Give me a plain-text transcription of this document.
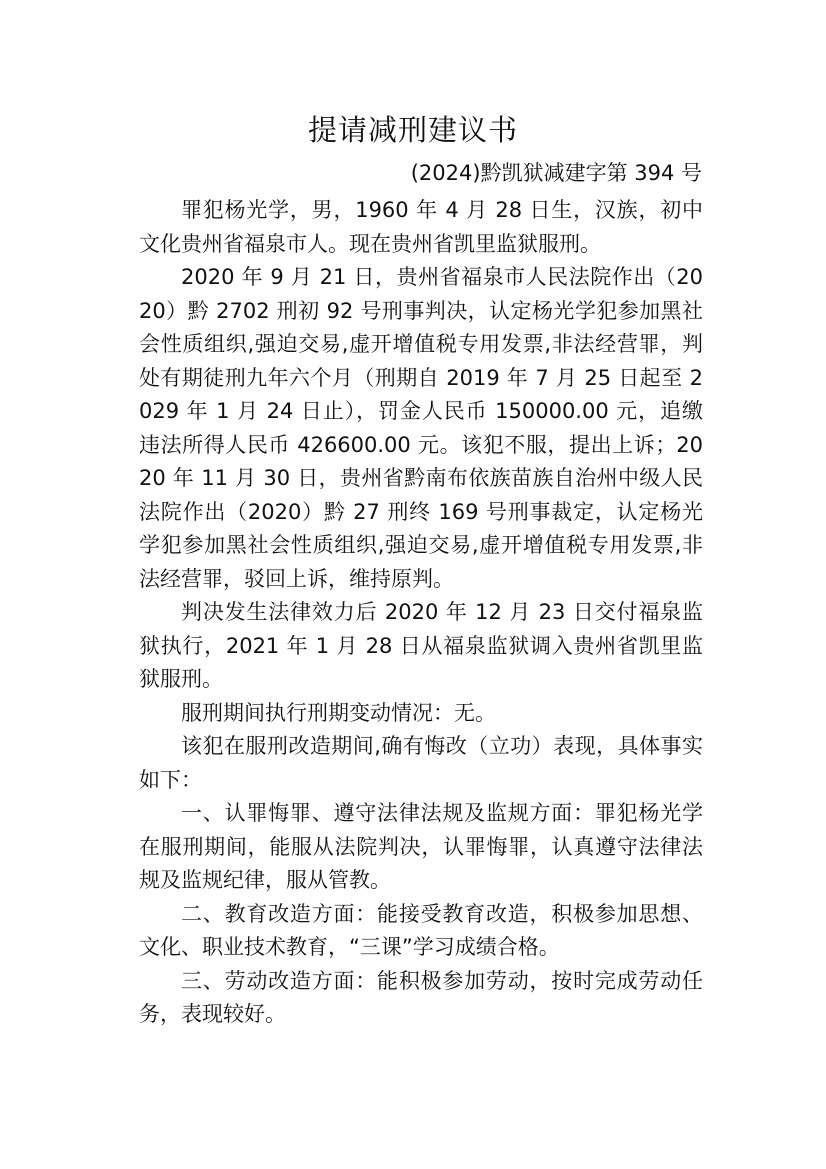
提请减刑建议书
(2024)黔凯狱减建字第 394 号

罪犯杨光学，男，1960 年 4 月 28 日生，汉族，初中文化贵州省福泉市人。现在贵州省凯里监狱服刑。

2020 年 9 月 21 日，贵州省福泉市人民法院作出（2020）黔 2702 刑初 92 号刑事判决，认定杨光学犯参加黑社会性质组织,强迫交易,虚开增值税专用发票,非法经营罪，判处有期徒刑九年六个月（刑期自 2019 年 7 月 25 日起至 2029 年 1 月 24 日止），罚金人民币 150000.00 元，追缴违法所得人民币 426600.00 元。该犯不服，提出上诉；2020 年 11 月 30 日，贵州省黔南布依族苗族自治州中级人民法院作出（2020）黔 27 刑终 169 号刑事裁定，认定杨光学犯参加黑社会性质组织,强迫交易,虚开增值税专用发票,非法经营罪，驳回上诉，维持原判。

判决发生法律效力后 2020 年 12 月 23 日交付福泉监狱执行，2021 年 1 月 28 日从福泉监狱调入贵州省凯里监狱服刑。

服刑期间执行刑期变动情况：无。

该犯在服刑改造期间,确有悔改（立功）表现，具体事实如下：

一、认罪悔罪、遵守法律法规及监规方面：罪犯杨光学在服刑期间，能服从法院判决，认罪悔罪，认真遵守法律法规及监规纪律，服从管教。

二、教育改造方面：能接受教育改造，积极参加思想、文化、职业技术教育，“三课”学习成绩合格。

三、劳动改造方面：能积极参加劳动，按时完成劳动任务，表现较好。
